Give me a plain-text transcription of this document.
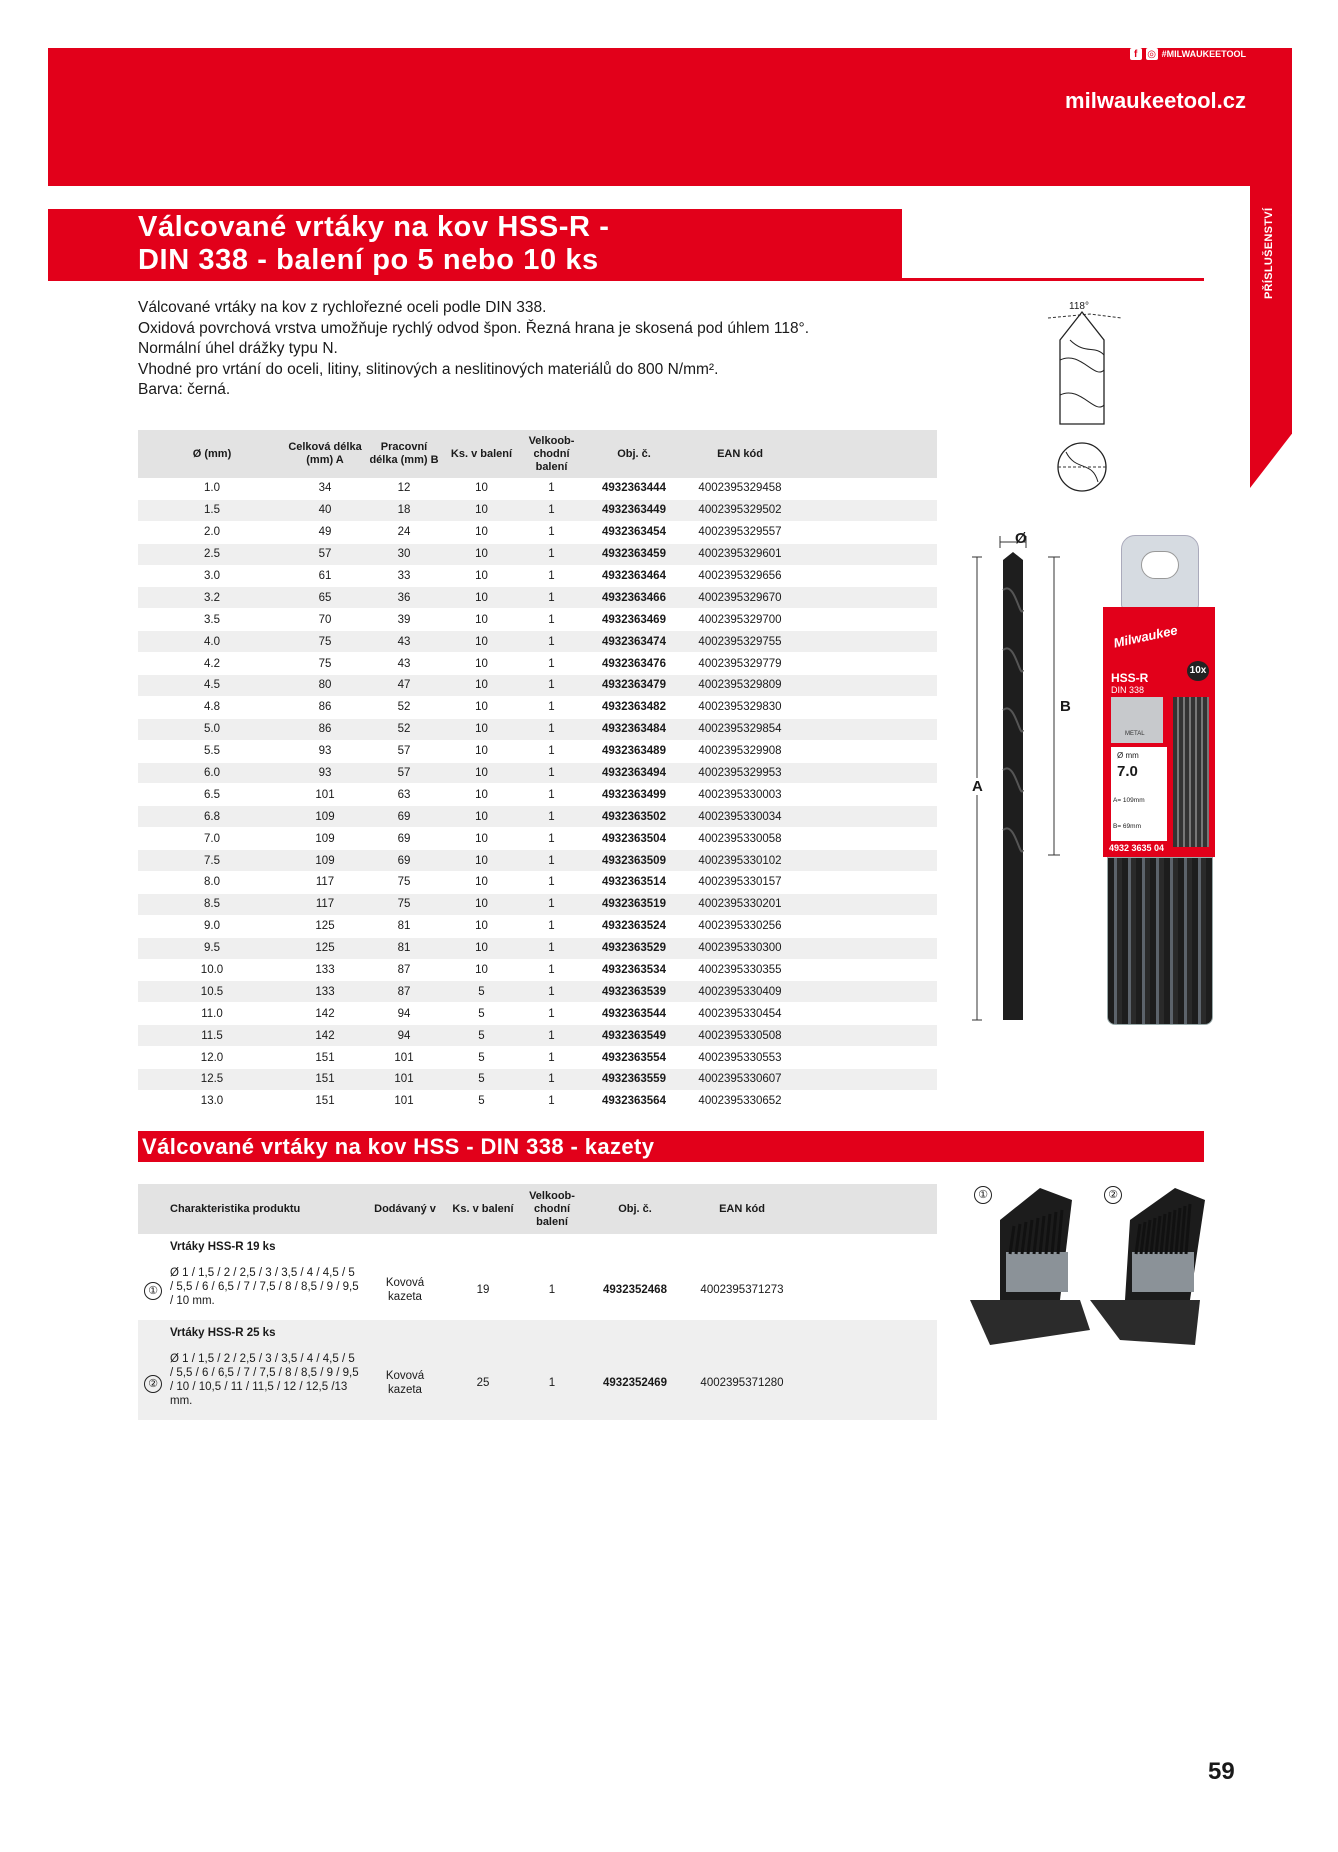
f ◎ #MILWAUKEETOOL
milwaukeetool.cz
PŘÍSLUŠENSTVÍ
Válcované vrtáky na kov HSS-R -
DIN 338 - balení po 5 nebo 10 ks

Válcované vrtáky na kov z rychlořezné oceli podle DIN 338.

Oxidová povrchová vrstva umožňuje rychlý odvod špon. Řezná hrana je skosená pod úhlem 118°.

Normální úhel drážky typu N.

Vhodné pro vrtání do oceli, litiny, slitinových a neslitinových materiálů do 800 N/mm².

Barva: černá.

118°
Ø (mm)	Celková délka (mm) A	Pracovní délka (mm) B	Ks. v balení	Velkoob-chodní balení	Obj. č.	EAN kód	
1.0	34	12	10	1	4932363444	4002395329458	
1.5	40	18	10	1	4932363449	4002395329502	
2.0	49	24	10	1	4932363454	4002395329557	
2.5	57	30	10	1	4932363459	4002395329601	
3.0	61	33	10	1	4932363464	4002395329656	
3.2	65	36	10	1	4932363466	4002395329670	
3.5	70	39	10	1	4932363469	4002395329700	
4.0	75	43	10	1	4932363474	4002395329755	
4.2	75	43	10	1	4932363476	4002395329779	
4.5	80	47	10	1	4932363479	4002395329809	
4.8	86	52	10	1	4932363482	4002395329830	
5.0	86	52	10	1	4932363484	4002395329854	
5.5	93	57	10	1	4932363489	4002395329908	
6.0	93	57	10	1	4932363494	4002395329953	
6.5	101	63	10	1	4932363499	4002395330003	
6.8	109	69	10	1	4932363502	4002395330034	
7.0	109	69	10	1	4932363504	4002395330058	
7.5	109	69	10	1	4932363509	4002395330102	
8.0	117	75	10	1	4932363514	4002395330157	
8.5	117	75	10	1	4932363519	4002395330201	
9.0	125	81	10	1	4932363524	4002395330256	
9.5	125	81	10	1	4932363529	4002395330300	
10.0	133	87	10	1	4932363534	4002395330355	
10.5	133	87	5	1	4932363539	4002395330409	
11.0	142	94	5	1	4932363544	4002395330454	
11.5	142	94	5	1	4932363549	4002395330508	
12.0	151	101	5	1	4932363554	4002395330553	
12.5	151	101	5	1	4932363559	4002395330607	
13.0	151	101	5	1	4932363564	4002395330652	
Ø
A
B
Milwaukee
10x
HSS-R
DIN 338
METAL
Ø mm
7.0
A= 109mm
B= 69mm
4932 3635 04
Válcované vrtáky na kov HSS - DIN 338 - kazety
Charakteristika produktu	Dodávaný v	Ks. v balení	Velkoob-chodní balení	Obj. č.	EAN kód	
Vrtáky HSS-R 19 ks						

①
Ø 1 / 1,5 / 2 / 2,5 / 3 / 3,5 / 4 / 4,5 / 5 / 5,5 / 6 / 6,5 / 7 / 7,5 / 8 / 8,5 / 9 / 9,5 / 10 mm.	Kovová kazeta	19	1	4932352468	4002395371273	
Vrtáky HSS-R 25 ks						

②
Ø 1 / 1,5 / 2 / 2,5 / 3 / 3,5 / 4 / 4,5 / 5 / 5,5 / 6 / 6,5 / 7 / 7,5 / 8 / 8,5 / 9 / 9,5 / 10 / 10,5 / 11 / 11,5 / 12 / 12,5 /13 mm.	Kovová kazeta	25	1	4932352469	4002395371280	
①	②
59
